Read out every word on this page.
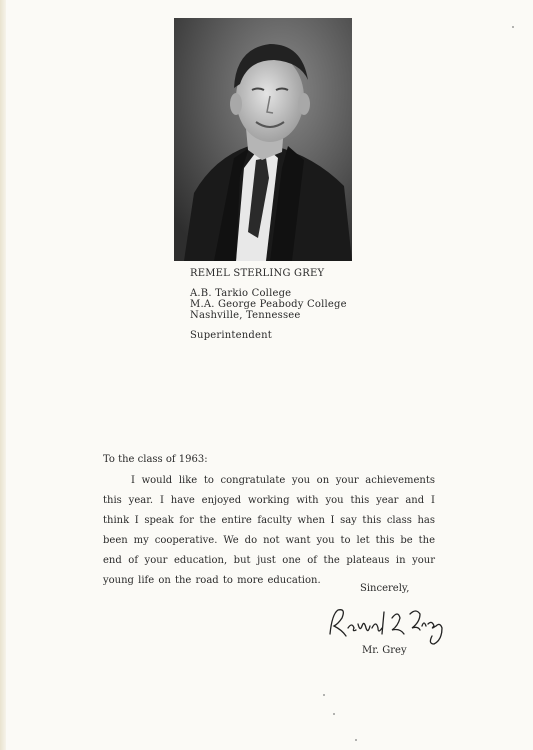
REMEL STERLING GREY
A.B. Tarkio College
M.A. George Peabody College
Nashville, Tennessee
Superintendent
To the class of 1963:

I would like to congratulate you on your achievements this year. I have enjoyed working with you this year and I think I speak for the entire faculty when I say this class has been my cooperative. We do not want you to let this be the end of your education, but just one of the plateaus in your young life on the road to more education.

Sincerely,
Mr. Grey
